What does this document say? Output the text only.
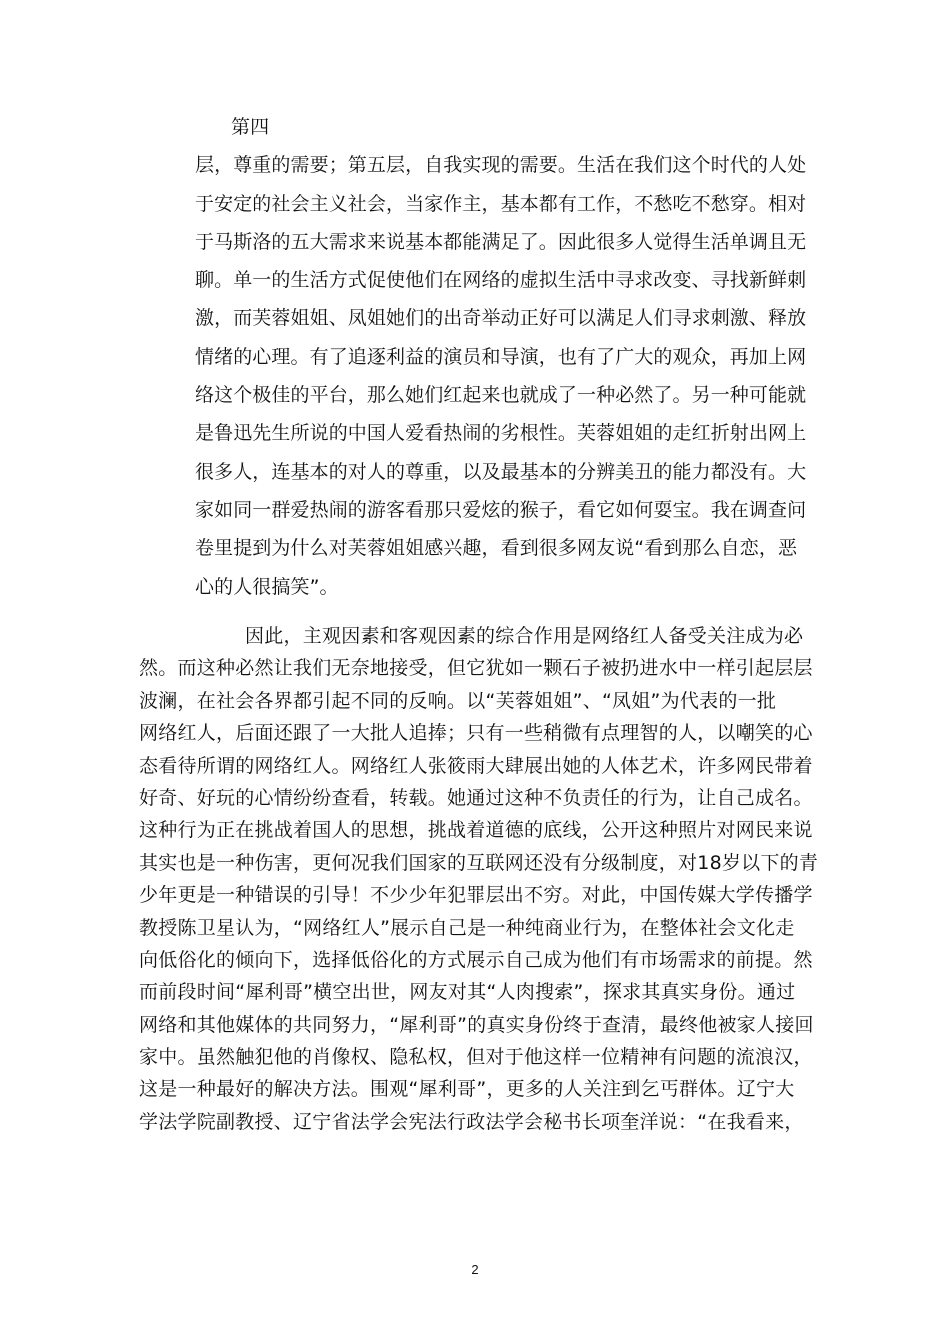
第四
层，尊重的需要；第五层，自我实现的需要。生活在我们这个时代的人处
于安定的社会主义社会，当家作主，基本都有工作，不愁吃不愁穿。相对
于马斯洛的五大需求来说基本都能满足了。因此很多人觉得生活单调且无
聊。单一的生活方式促使他们在网络的虚拟生活中寻求改变、寻找新鲜刺
激，而芙蓉姐姐、凤姐她们的出奇举动正好可以满足人们寻求刺激、释放
情绪的心理。有了追逐利益的演员和导演，也有了广大的观众，再加上网
络这个极佳的平台，那么她们红起来也就成了一种必然了。另一种可能就
是鲁迅先生所说的中国人爱看热闹的劣根性。芙蓉姐姐的走红折射出网上
很多人，连基本的对人的尊重，以及最基本的分辨美丑的能力都没有。大
家如同一群爱热闹的游客看那只爱炫的猴子，看它如何耍宝。我在调查问
卷里提到为什么对芙蓉姐姐感兴趣，看到很多网友说“看到那么自恋，恶
心的人很搞笑”。
因此，主观因素和客观因素的综合作用是网络红人备受关注成为必
然。而这种必然让我们无奈地接受，但它犹如一颗石子被扔进水中一样引起层层
波澜，在社会各界都引起不同的反响。以“芙蓉姐姐”、“凤姐”为代表的一批
网络红人，后面还跟了一大批人追捧；只有一些稍微有点理智的人，以嘲笑的心
态看待所谓的网络红人。网络红人张筱雨大肆展出她的人体艺术，许多网民带着
好奇、好玩的心情纷纷查看，转载。她通过这种不负责任的行为，让自己成名。
这种行为正在挑战着国人的思想，挑战着道德的底线，公开这种照片对网民来说
其实也是一种伤害，更何况我们国家的互联网还没有分级制度，对18岁以下的青
少年更是一种错误的引导！不少少年犯罪层出不穷。对此，中国传媒大学传播学
教授陈卫星认为，“网络红人”展示自己是一种纯商业行为，在整体社会文化走
向低俗化的倾向下，选择低俗化的方式展示自己成为他们有市场需求的前提。然
而前段时间“犀利哥”横空出世，网友对其“人肉搜索”，探求其真实身份。通过
网络和其他媒体的共同努力，“犀利哥”的真实身份终于查清，最终他被家人接回
家中。虽然触犯他的肖像权、隐私权，但对于他这样一位精神有问题的流浪汉，
这是一种最好的解决方法。围观“犀利哥”，更多的人关注到乞丐群体。辽宁大
学法学院副教授、辽宁省法学会宪法行政法学会秘书长项奎洋说：“在我看来，
2
